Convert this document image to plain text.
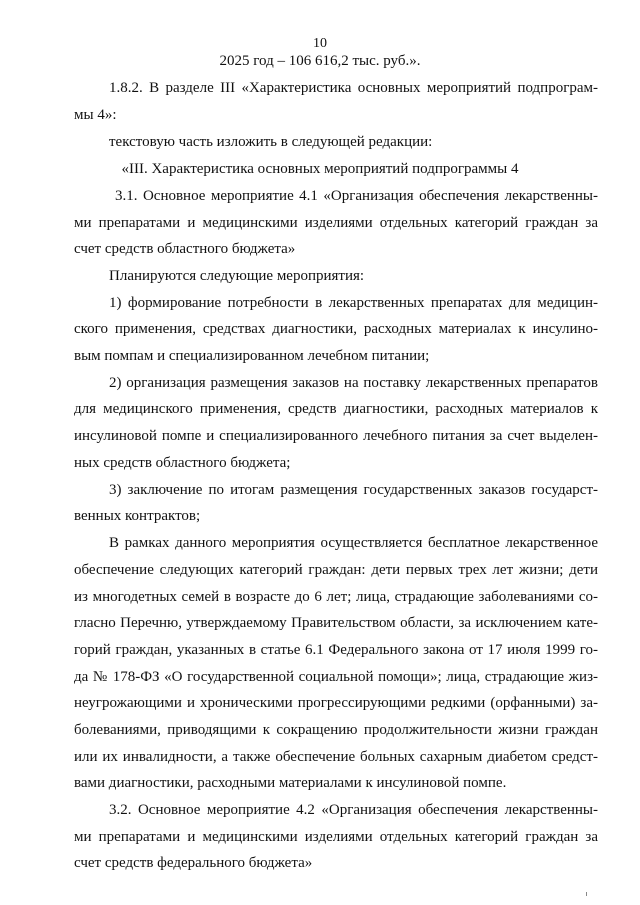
10
2025 год – 106 616,2 тыс. руб.».
1.8.2. В разделе III «Характеристика основных мероприятий подпрограм-
мы 4»:
текстовую часть изложить в следующей редакции:
«III. Характеристика основных мероприятий подпрограммы 4
3.1. Основное мероприятие 4.1 «Организация обеспечения лекарственны-
ми препаратами и медицинскими изделиями отдельных категорий граждан за
счет средств областного бюджета»
Планируются следующие мероприятия:
1) формирование потребности в лекарственных препаратах для медицин-
ского применения, средствах диагностики, расходных материалах к инсулино-
вым помпам и специализированном лечебном питании;
2) организация размещения заказов на поставку лекарственных препаратов
для медицинского применения, средств диагностики, расходных материалов к
инсулиновой помпе и специализированного лечебного питания за счет выделен-
ных средств областного бюджета;
3) заключение по итогам размещения государственных заказов государст-
венных контрактов;
В рамках данного мероприятия осуществляется бесплатное лекарственное
обеспечение следующих категорий граждан: дети первых трех лет жизни; дети
из многодетных семей в возрасте до 6 лет; лица, страдающие заболеваниями со-
гласно Перечню, утверждаемому Правительством области, за исключением кате-
горий граждан, указанных в статье 6.1 Федерального закона от 17 июля 1999 го-
да № 178-ФЗ «О государственной социальной помощи»; лица, страдающие жиз-
неугрожающими и хроническими прогрессирующими редкими (орфанными) за-
болеваниями, приводящими к сокращению продолжительности жизни граждан
или их инвалидности, а также обеспечение больных сахарным диабетом средст-
вами диагностики, расходными материалами к инсулиновой помпе.
3.2. Основное мероприятие 4.2 «Организация обеспечения лекарственны-
ми препаратами и медицинскими изделиями отдельных категорий граждан за
счет средств федерального бюджета»
